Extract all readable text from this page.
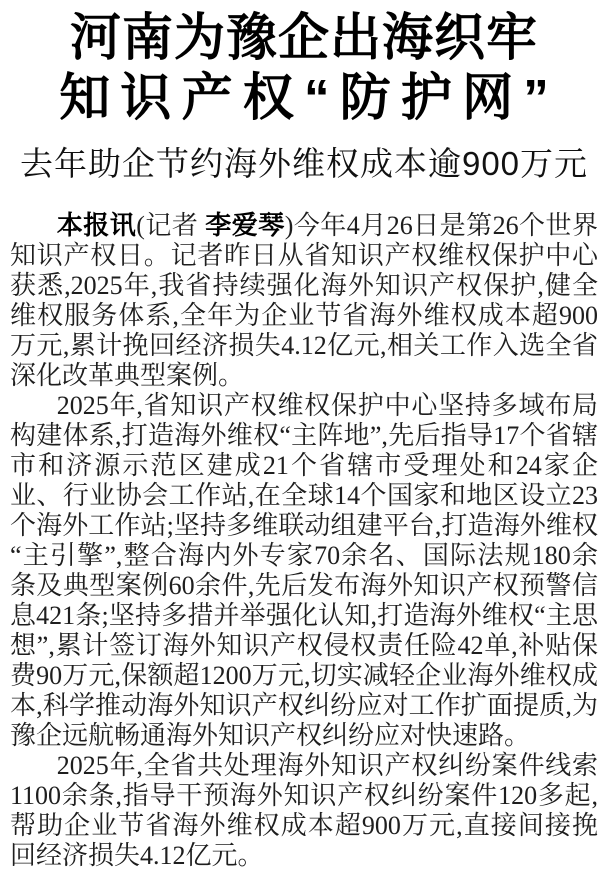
河南为豫企出海织牢
知识产权“防护网”
去年助企节约海外维权成本逾900万元

本报讯(记者 李爱琴)今年4月26日是第26个世界知识产权日。记者昨日从省知识产权维权保护中心获悉,2025年,我省持续强化海外知识产权保护,健全维权服务体系,全年为企业节省海外维权成本超900万元,累计挽回经济损失4.12亿元,相关工作入选全省深化改革典型案例。

2025年,省知识产权维权保护中心坚持多域布局构建体系,打造海外维权“主阵地”,先后指导17个省辖市和济源示范区建成21个省辖市受理处和24家企业、行业协会工作站,在全球14个国家和地区设立23个海外工作站;坚持多维联动组建平台,打造海外维权“主引擎”,整合海内外专家70余名、国际法规180余条及典型案例60余件,先后发布海外知识产权预警信息421条;坚持多措并举强化认知,打造海外维权“主思想”,累计签订海外知识产权侵权责任险42单,补贴保费90万元,保额超1200万元,切实减轻企业海外维权成本,科学推动海外知识产权纠纷应对工作扩面提质,为豫企远航畅通海外知识产权纠纷应对快速路。

2025年,全省共处理海外知识产权纠纷案件线索1100余条,指导干预海外知识产权纠纷案件120多起,帮助企业节省海外维权成本超900万元,直接间接挽回经济损失4.12亿元。
